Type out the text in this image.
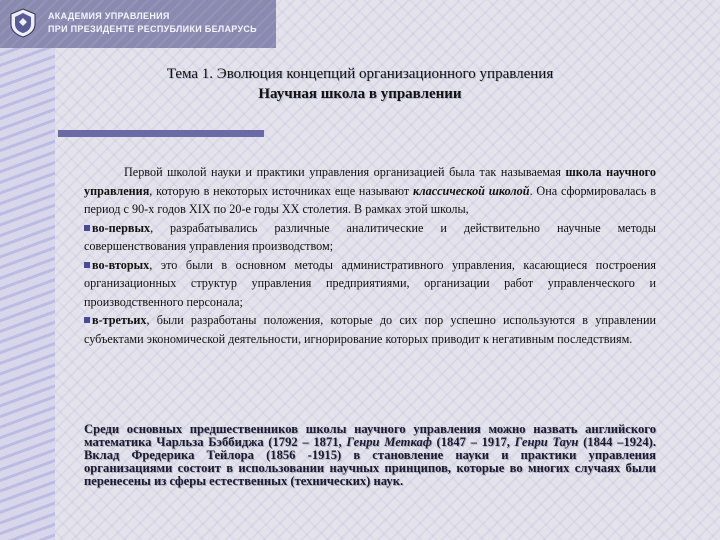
АКАДЕМИЯ УПРАВЛЕНИЯ
ПРИ ПРЕЗИДЕНТЕ РЕСПУБЛИКИ БЕЛАРУСЬ
Тема 1. Эволюция концепций организационного управления
Научная школа в управлении

Первой школой науки и практики управления организацией была так называемая школа научного управления, которую в некоторых источниках еще называют классической школой. Она сформировалась в период с 90-х годов XIX по 20-е годы XX столетия. В рамках этой школы,

во-первых, разрабатывались различные аналитические и действительно научные методы совершенствования управления производством;

во-вторых, это были в основном методы административного управления, касающиеся построения организационных структур управления предприятиями, организации работ управленческого и производственного персонала;

в-третьих, были разработаны положения, которые до сих пор успешно используются в управлении субъектами экономической деятельности, игнорирование которых приводит к негативным последствиям.

Среди основных предшественников школы научного управления можно назвать английского математика Чарльза Бэббиджа (1792 – 1871, Генри Меткаф (1847 – 1917, Генри Таун (1844 –1924). Вклад Фредерика Тейлора (1856 -1915) в становление науки и практики управления организациями состоит в использовании научных принципов, которые во многих случаях были перенесены из сферы естественных (технических) наук.
